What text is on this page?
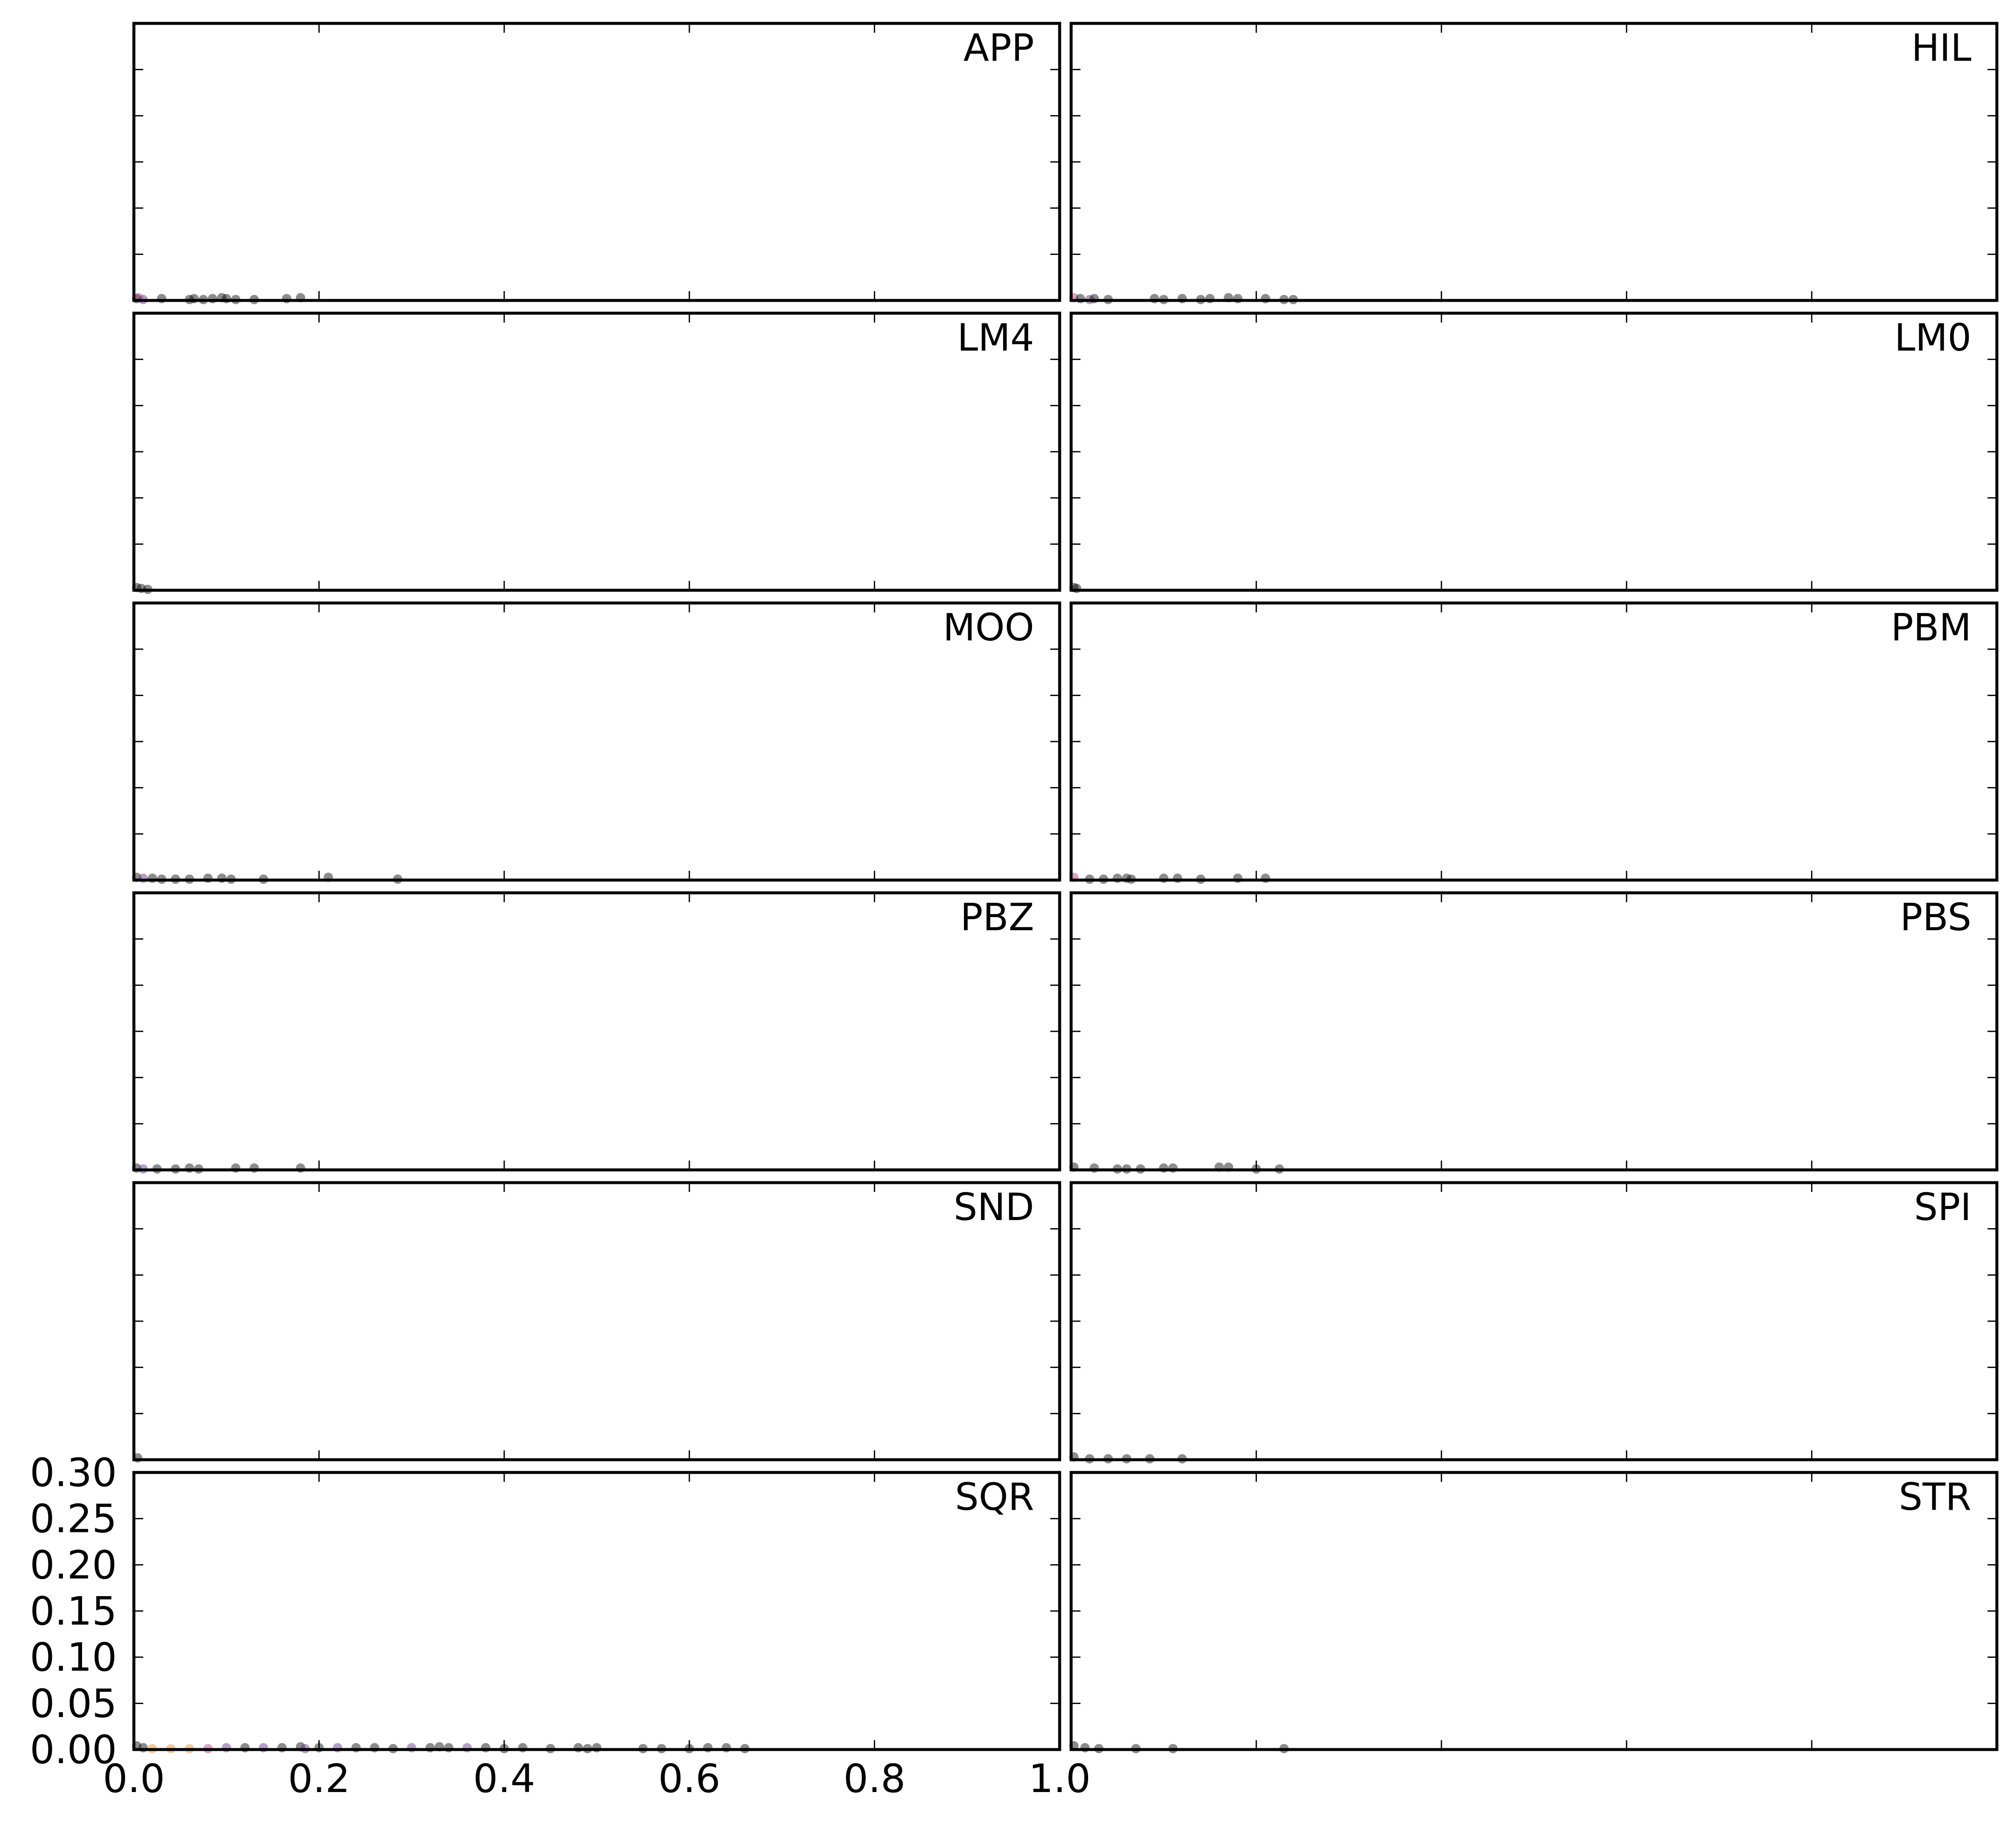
APP	HIL
LM4	LM0
MOO	PBM
PBZ	PBS
SND	SPI
SQR	STR
0.00
0.05
0.10
0.15
0.20
0.25
0.30
0.0	0.2	0.4	0.6	0.8	1.0
